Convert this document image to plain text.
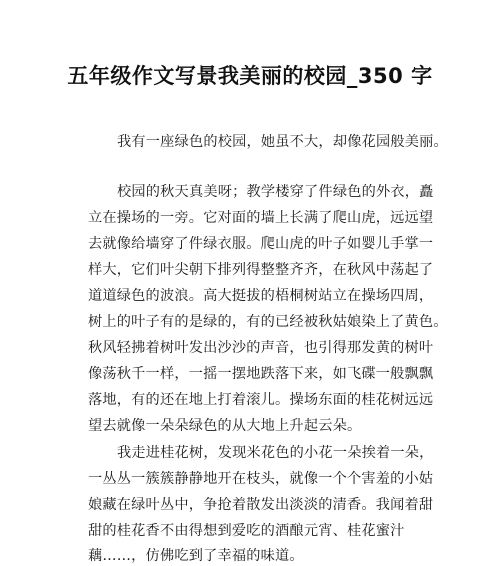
五年级作文写景我美丽的校园_350 字
我有一座绿色的校园，她虽不大，却像花园般美丽。
校园的秋天真美呀；教学楼穿了件绿色的外衣，矗
立在操场的一旁。它对面的墙上长满了爬山虎，远远望
去就像给墙穿了件绿衣服。爬山虎的叶子如婴儿手掌一
样大，它们叶尖朝下排列得整整齐齐，在秋风中荡起了
道道绿色的波浪。高大挺拔的梧桐树站立在操场四周，
树上的叶子有的是绿的，有的已经被秋姑娘染上了黄色。
秋风轻拂着树叶发出沙沙的声音，也引得那发黄的树叶
像荡秋千一样，一摇一摆地跌落下来，如飞碟一般飘飘
落地，有的还在地上打着滚儿。操场东面的桂花树远远
望去就像一朵朵绿色的从大地上升起云朵。
我走进桂花树，发现米花色的小花一朵挨着一朵，
一丛丛一簇簇静静地开在枝头，就像一个个害羞的小姑
娘藏在绿叶丛中，争抢着散发出淡淡的清香。我闻着甜
甜的桂花香不由得想到爱吃的酒酿元宵、桂花蜜汁
藕……，仿佛吃到了幸福的味道。
